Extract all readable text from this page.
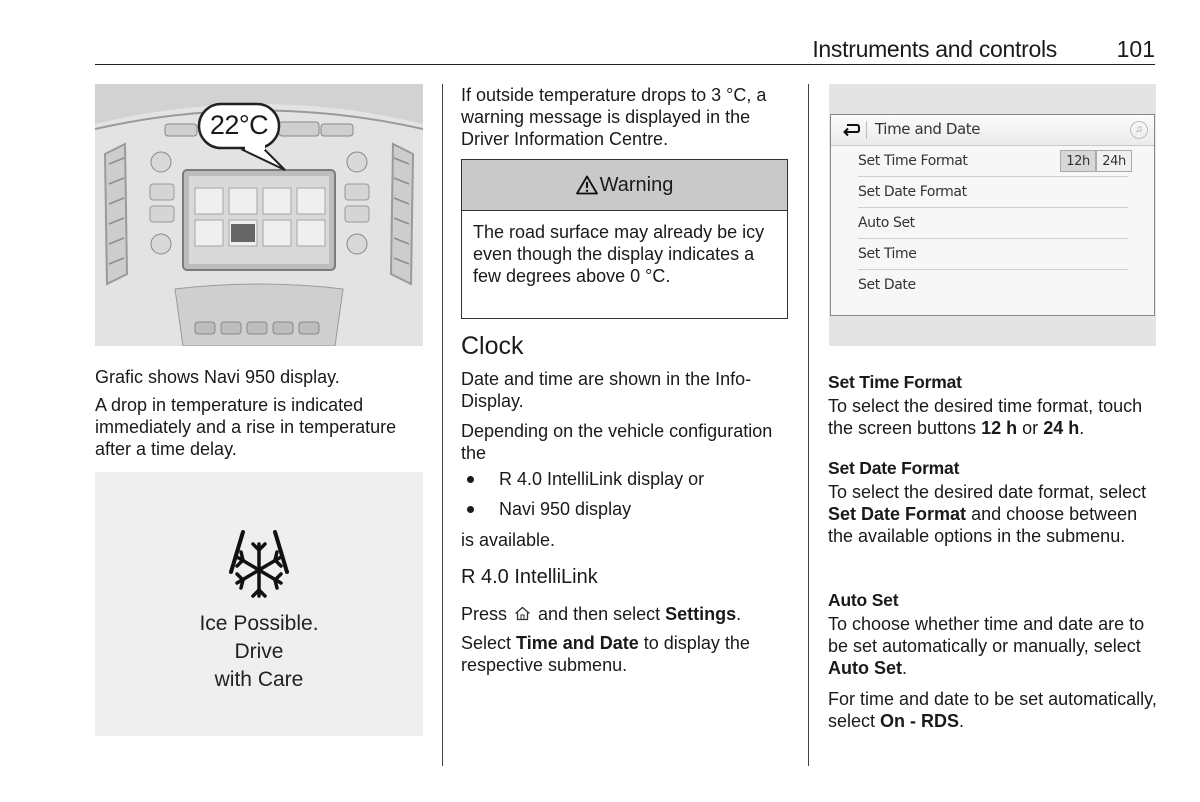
Instruments and controls	101
22°C
Grafic shows Navi 950 display.
A drop in temperature is indicated immediately and a rise in temperature after a time delay.
Ice Possible.
Drive
with Care
If outside temperature drops to 3 °C, a warning message is displayed in the Driver Information Centre.
Warning
The road surface may already be icy even though the display indicates a few degrees above 0 °C.
Clock
Date and time are shown in the Info-Display.
Depending on the vehicle configuration the
R 4.0 IntelliLink display or
Navi 950 display
is available.
R 4.0 IntelliLink
Press and then select Settings.
Select Time and Date to display the respective submenu.
Time and Date	♫
Set Time Format	12h 24h
Set Date Format
Auto Set
Set Time
Set Date
Set Time Format
To select the desired time format, touch the screen buttons 12 h or 24 h.
Set Date Format
To select the desired date format, select Set Date Format and choose between the available options in the submenu.
Auto Set
To choose whether time and date are to be set automatically or manually, select Auto Set.
For time and date to be set automatically, select On - RDS.
